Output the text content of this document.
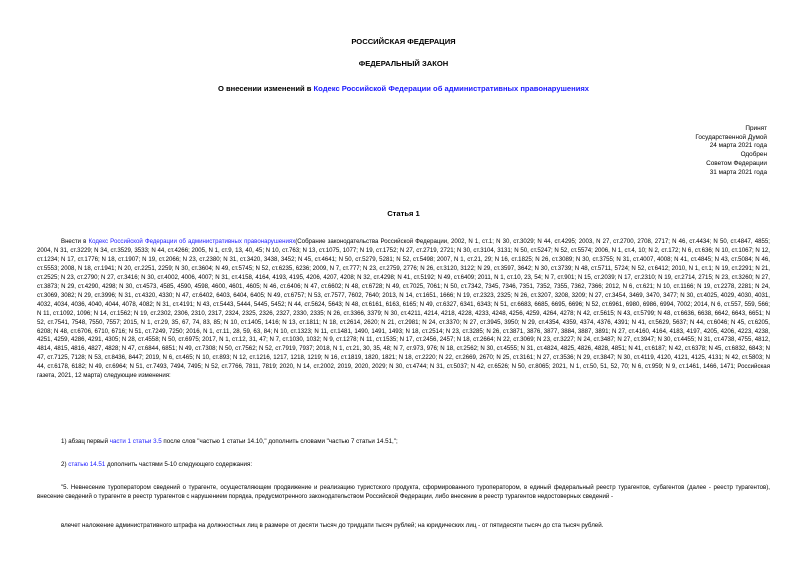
РОССИЙСКАЯ ФЕДЕРАЦИЯ
ФЕДЕРАЛЬНЫЙ ЗАКОН
О внесении изменений в Кодекс Российской Федерации об административных правонарушениях
Принят
Государственной Думой
24 марта 2021 года
Одобрен
Советом Федерации
31 марта 2021 года
Статья 1
Внести в Кодекс Российской Федерации об административных правонарушениях(Собрание законодательства Российской Федерации, 2002, N 1, ст.1; N 30, ст.3029; N 44, ст.4295; 2003, N 27, ст.2700, 2708, 2717; N 46, ст.4434; N 50, ст.4847, 4855; 2004, N 31, ст.3229; N 34, ст.3529, 3533; N 44, ст.4266; 2005, N 1, ст.9, 13, 40, 45; N 10, ст.763; N 13, ст.1075, 1077; N 19, ст.1752; N 27, ст.2719, 2721; N 30, ст.3104, 3131; N 50, ст.5247; N 52, ст.5574; 2006, N 1, ст.4, 10; N 2, ст.172; N 6, ст.636; N 10, ст.1067; N 12, ст.1234; N 17, ст.1776; N 18, ст.1907; N 19, ст.2066; N 23, ст.2380; N 31, ст.3420, 3438, 3452; N 45, ст.4641; N 50, ст.5279, 5281; N 52, ст.5498; 2007, N 1, ст.21, 29; N 16, ст.1825; N 26, ст.3089; N 30, ст.3755; N 31, ст.4007, 4008; N 41, ст.4845; N 43, ст.5084; N 46, ст.5553; 2008, N 18, ст.1941; N 20, ст.2251, 2259; N 30, ст.3604; N 49, ст.5745; N 52, ст.6235, 6236; 2009, N 7, ст.777; N 23, ст.2759, 2776; N 26, ст.3120, 3122; N 29, ст.3597, 3642; N 30, ст.3739; N 48, ст.5711, 5724; N 52, ст.6412; 2010, N 1, ст.1; N 19, ст.2291; N 21, ст.2525; N 23, ст.2790; N 27, ст.3416; N 30, ст.4002, 4006, 4007; N 31, ст.4158, 4164, 4193, 4195, 4206, 4207, 4208; N 32, ст.4298; N 41, ст.5192; N 49, ст.6409; 2011, N 1, ст.10, 23, 54; N 7, ст.901; N 15, ст.2039; N 17, ст.2310; N 19, ст.2714, 2715; N 23, ст.3260; N 27, ст.3873; N 29, ст.4290, 4298; N 30, ст.4573, 4585, 4590, 4598, 4600, 4601, 4605; N 46, ст.6406; N 47, ст.6602; N 48, ст.6728; N 49, ст.7025, 7061; N 50, ст.7342, 7345, 7346, 7351, 7352, 7355, 7362, 7366; 2012, N 6, ст.621; N 10, ст.1166; N 19, ст.2278, 2281; N 24, ст.3069, 3082; N 29, ст.3996; N 31, ст.4320, 4330; N 47, ст.6402, 6403, 6404, 6405; N 49, ст.6757; N 53, ст.7577, 7602, 7640; 2013, N 14, ст.1651, 1666; N 19, ст.2323, 2325; N 26, ст.3207, 3208, 3209; N 27, ст.3454, 3469, 3470, 3477; N 30, ст.4025, 4029, 4030, 4031, 4032, 4034, 4036, 4040, 4044, 4078, 4082; N 31, ст.4191; N 43, ст.5443, 5444, 5445, 5452; N 44, ст.5624, 5643; N 48, ст.6161, 6163, 6165; N 49, ст.6327, 6341, 6343; N 51, ст.6683, 6685, 6695, 6696; N 52, ст.6961, 6980, 6986, 6994, 7002; 2014, N 6, ст.557, 559, 566; N 11, ст.1092, 1096; N 14, ст.1562; N 19, ст.2302, 2306, 2310, 2317, 2324, 2325, 2326, 2327, 2330, 2335; N 26, ст.3366, 3379; N 30, ст.4211, 4214, 4218, 4228, 4233, 4248, 4256, 4259, 4264, 4278; N 42, ст.5615; N 43, ст.5799; N 48, ст.6636, 6638, 6642, 6643, 6651; N 52, ст.7541, 7548, 7550, 7557; 2015, N 1, ст.29, 35, 67, 74, 83, 85; N 10, ст.1405, 1416; N 13, ст.1811; N 18, ст.2614, 2620; N 21, ст.2981; N 24, ст.3370; N 27, ст.3945, 3950; N 29, ст.4354, 4359, 4374, 4376, 4391; N 41, ст.5629, 5637; N 44, ст.6046; N 45, ст.6205, 6208; N 48, ст.6706, 6710, 6716; N 51, ст.7249, 7250; 2016, N 1, ст.11, 28, 59, 63, 84; N 10, ст.1323; N 11, ст.1481, 1490, 1491, 1493; N 18, ст.2514; N 23, ст.3285; N 26, ст.3871, 3876, 3877, 3884, 3887, 3891; N 27, ст.4160, 4164, 4183, 4197, 4205, 4206, 4223, 4238, 4251, 4259, 4286, 4291, 4305; N 28, ст.4558; N 50, ст.6975; 2017, N 1, ст.12, 31, 47; N 7, ст.1030, 1032; N 9, ст.1278; N 11, ст.1535; N 17, ст.2456, 2457; N 18, ст.2664; N 22, ст.3069; N 23, ст.3227; N 24, ст.3487; N 27, ст.3947; N 30, ст.4455; N 31, ст.4738, 4755, 4812, 4814, 4815, 4816, 4827, 4828; N 47, ст.6844, 6851; N 49, ст.7308; N 50, ст.7562; N 52, ст.7919, 7937; 2018, N 1, ст.21, 30, 35, 48; N 7, ст.973, 976; N 18, ст.2562; N 30, ст.4555; N 31, ст.4824, 4825, 4826, 4828, 4851; N 41, ст.6187; N 42, ст.6378; N 45, ст.6832, 6843; N 47, ст.7125, 7128; N 53, ст.8436, 8447; 2019, N 6, ст.465; N 10, ст.893; N 12, ст.1216, 1217, 1218, 1219; N 16, ст.1819, 1820, 1821; N 18, ст.2220; N 22, ст.2669, 2670; N 25, ст.3161; N 27, ст.3536; N 29, ст.3847; N 30, ст.4119, 4120, 4121, 4125, 4131; N 42, ст.5803; N 44, ст.6178, 6182; N 49, ст.6964; N 51, ст.7493, 7494, 7495; N 52, ст.7766, 7811, 7819; 2020, N 14, ст.2002, 2019, 2020, 2029; N 30, ст.4744; N 31, ст.5037; N 42, ст.6526; N 50, ст.8065; 2021, N 1, ст.50, 51, 52, 70; N 6, ст.959; N 9, ст.1461, 1466, 1471; Российская газета, 2021, 12 марта) следующие изменения:
1) абзац первый части 1 статьи 3.5 после слов "частью 1 статьи 14.10," дополнить словами "частью 7 статьи 14.51,";
2) статью 14.51 дополнить частями 5-10 следующего содержания:
"5. Невнесение туроператором сведений о турагенте, осуществляющем продвижение и реализацию туристского продукта, сформированного туроператором, в единый федеральный реестр турагентов, субагентов (далее - реестр турагентов), внесение сведений о турагенте в реестр турагентов с нарушением порядка, предусмотренного законодательством Российской Федерации, либо внесение в реестр турагентов недостоверных сведений -
влечет наложение административного штрафа на должностных лиц в размере от десяти тысяч до тридцати тысяч рублей; на юридических лиц - от пятидесяти тысяч до ста тысяч рублей.
